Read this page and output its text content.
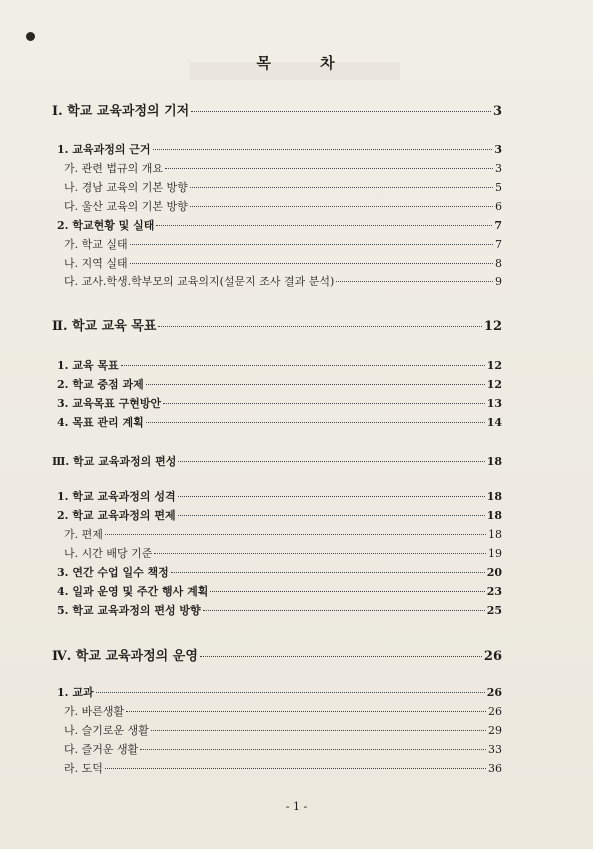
목 차
Ⅰ. 학교 교육과정의 기저	3
1. 교육과정의 근거	3
가. 관련 법규의 개요	3
나. 경남 교육의 기본 방향	5
다. 울산 교육의 기본 방향	6
2. 학교현황 및 실태	7
가. 학교 실태	7
나. 지역 실태	8
다. 교사.학생.학부모의 교육의지(설문지 조사 결과 분석)	9
Ⅱ. 학교 교육 목표	12
1. 교육 목표	12
2. 학교 중점 과제	12
3. 교육목표 구현방안	13
4. 목표 관리 계획	14
Ⅲ. 학교 교육과정의 편성	18
1. 학교 교육과정의 성격	18
2. 학교 교육과정의 편제	18
가. 편제	18
나. 시간 배당 기준	19
3. 연간 수업 일수 책정	20
4. 일과 운영 및 주간 행사 계획	23
5. 학교 교육과정의 편성 방향	25
Ⅳ. 학교 교육과정의 운영	26
1. 교과	26
가. 바른생활	26
나. 슬기로운 생활	29
다. 즐거운 생활	33
라. 도덕	36
- 1 -
